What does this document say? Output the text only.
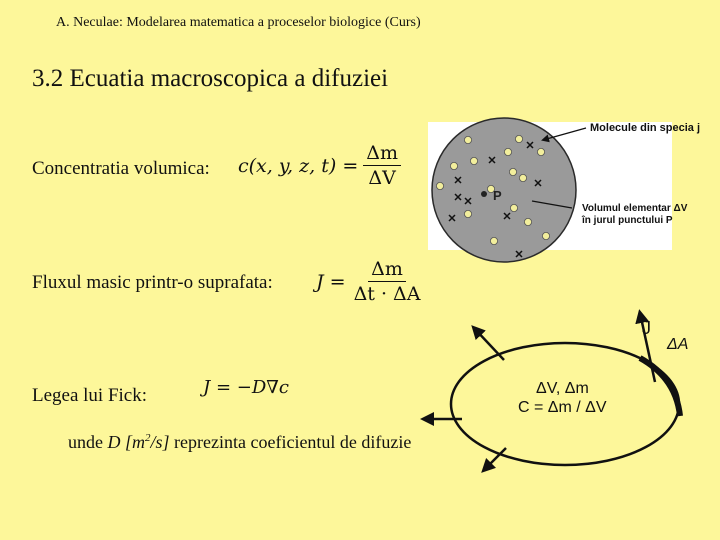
A. Neculae: Modelarea matematica a proceselor biologice (Curs)
3.2 Ecuatia macroscopica a difuziei
Concentratia volumica: c(x, y, z, $t) = \frac{\Delta m}{\Delta V}$
Fluxul masic printr-o suprafata: $J = \frac{\Delta m}{\Delta t \cdot \Delta A}$
Legea lui Fick:	J = −D∇c
unde D $[m^2/s]$ reprezinta coeficientul de difuzie
P
Molecule din specia j
Volumul elementar ΔV
în jurul punctului P
J
ΔA
ΔV, Δm
C = Δm / ΔV
